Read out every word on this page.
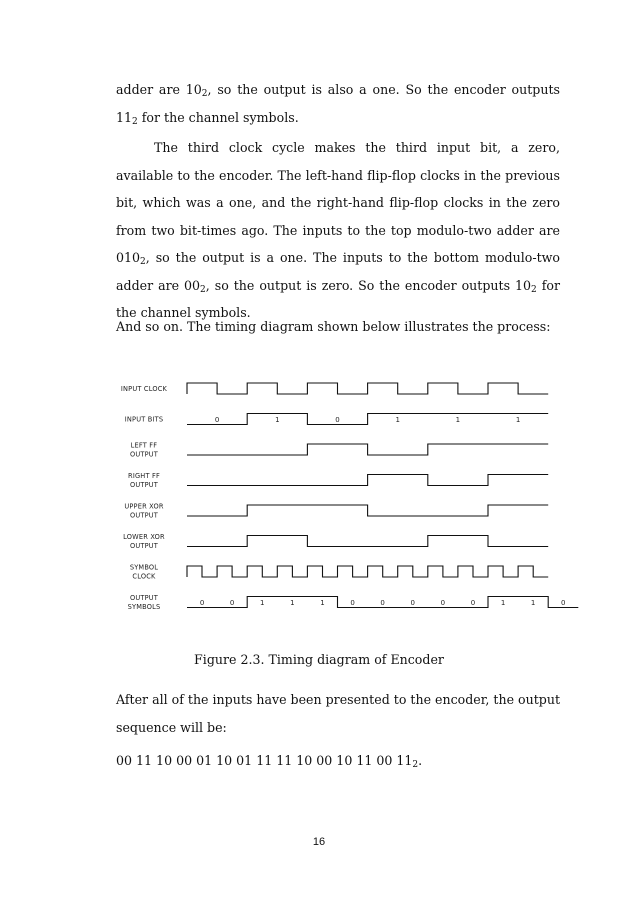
adder are $10_2$, so the output is also a one. So the encoder outputs $11_2$ for the channel symbols.

The third clock cycle makes the third input bit, a zero, available to the encoder. The left-hand flip-flop clocks in the previous bit, which was a one, and the right-hand flip-flop clocks in the zero from two bit-times ago. The inputs to the top modulo-two adder are $010_2$, so the output is a one. The inputs to the bottom modulo-two adder are $00_2$, so the output is zero. So the encoder outputs $10_2$ for the channel symbols.

And so on. The timing diagram shown below illustrates the process:

INPUT CLOCK
INPUT BITS
LEFT FF
OUTPUT
RIGHT FF
OUTPUT
UPPER XOR
OUTPUT
LOWER XOR
OUTPUT
SYMBOL
CLOCK
OUTPUT
SYMBOLS
0	1	0	1	1	1
0	0	1	1	1	0	0	0	0	0	1	1	0
Figure 2.3. Timing diagram of Encoder

After all of the inputs have been presented to the encoder, the output sequence will be:

00 11 10 00 01 10 01 11 11 10 00 10 11 00 $11_2$.

16
